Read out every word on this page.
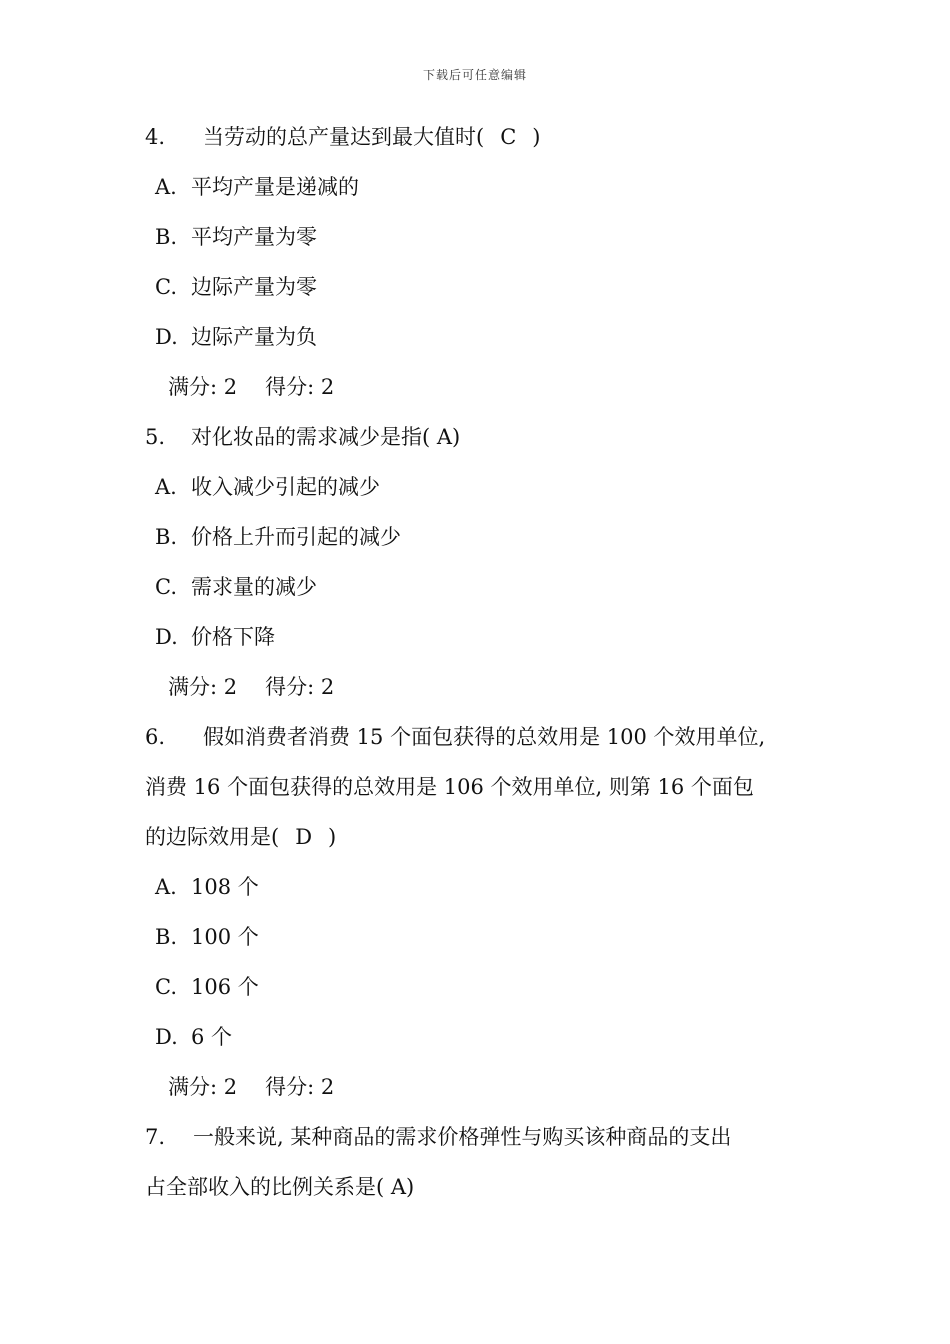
下载后可任意编辑
4. 当劳动的总产量达到最大值时( C )
A. 平均产量是递减的
B. 平均产量为零
C. 边际产量为零
D. 边际产量为负
满分: 2 得分: 2
5. 对化妆品的需求减少是指( A)
A. 收入减少引起的减少
B. 价格上升而引起的减少
C. 需求量的减少
D. 价格下降
满分: 2 得分: 2
6. 假如消费者消费 15 个面包获得的总效用是 100 个效用单位,
消费 16 个面包获得的总效用是 106 个效用单位, 则第 16 个面包
的边际效用是( D )
A. 108 个
B. 100 个
C. 106 个
D. 6 个
满分: 2 得分: 2
7. 一般来说, 某种商品的需求价格弹性与购买该种商品的支出
占全部收入的比例关系是( A)
